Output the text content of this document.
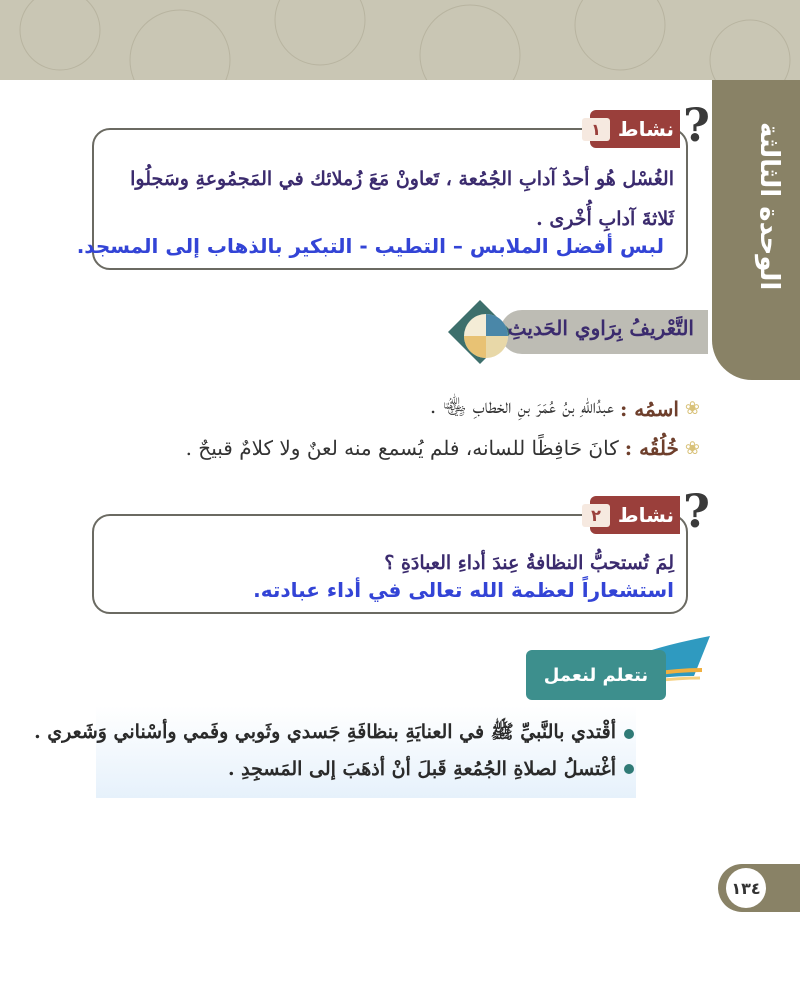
الوحدة الثالثة
?
نشاط
١
الغُسْل هُو أحدُ آدابِ الجُمُعة ، تَعاونْ مَعَ زُملائك في المَجمُوعةِ وسَجلُوا
ثَلاثةَ آدابِ أُخْرى .
لبس أفضل الملابس – التطيب - التبكير بالذهاب إلى المسجد.
التَّعْريفُ بِرَاوي الحَديثِ
❀
اسمُه :
عبدُاللهِ بنُ عُمَرَ بنِ الخطابِ ﵄ .
❀
خُلُقُه :
كانَ حَافِظًا للسانه، فلم يُسمع منه لعنٌ ولا كلامٌ قبيحٌ .
?
نشاط
٢
لِمَ تُستحبُّ النظافةُ عِندَ أداءِ العبادَةِ ؟
استشعاراً لعظمة الله تعالى في أداء عبادته.
نتعلم لنعمل
أقْتدي بالنَّبيِّ ﷺ في العنايَةِ بنظافَةِ جَسدي وثَوبي وفَمي وأسْناني وَشَعري .
أغْتسلُ لصلاةِ الجُمُعةِ قَبلَ أنْ أذهَبَ إلى المَسجِدِ .
١٣٤
